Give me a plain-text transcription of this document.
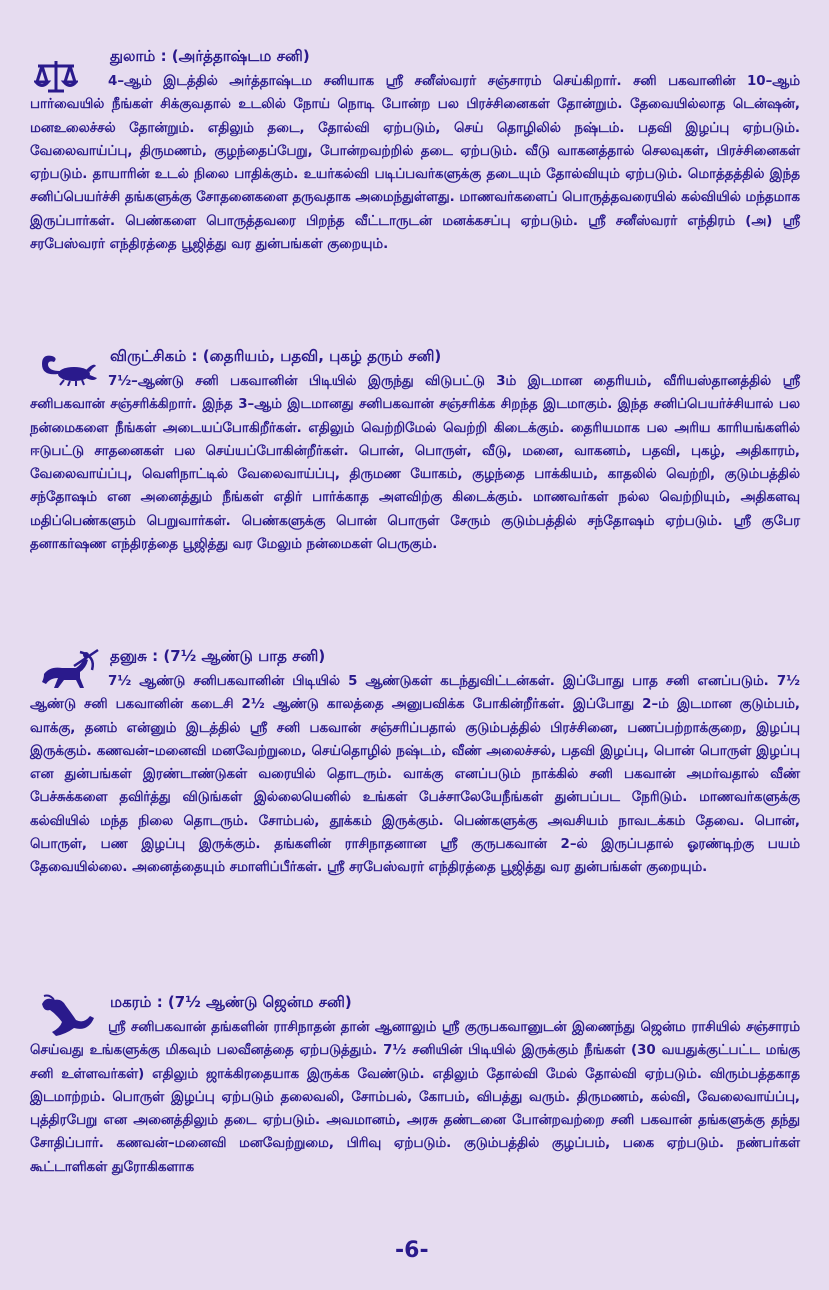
துலாம் : (அர்த்தாஷ்டம சனி)
4–ஆம் இடத்தில் அர்த்தாஷ்டம சனியாக ஸ்ரீ சனீஸ்வரர் சஞ்சாரம் செய்கிறார். சனி பகவானின் 10–ஆம் பார்வையில் நீங்கள் சிக்குவதால் உடலில் நோய் நொடி போன்ற பல பிரச்சினைகள் தோன்றும். தேவையில்லாத டென்ஷன், மனஉலைச்சல் தோன்றும். எதிலும் தடை, தோல்வி ஏற்படும், செய் தொழிலில் நஷ்டம். பதவி இழப்பு ஏற்படும். வேலைவாய்ப்பு, திருமணம், குழந்தைப்பேறு, போன்றவற்றில் தடை ஏற்படும். வீடு வாகனத்தால் செலவுகள், பிரச்சினைகள் ஏற்படும். தாயாரின் உடல் நிலை பாதிக்கும். உயர்கல்வி படிப்பவர்களுக்கு தடையும் தோல்வியும் ஏற்படும். மொத்தத்தில் இந்த சனிப்பெயர்ச்சி தங்களுக்கு சோதனைகளை தருவதாக அமைந்துள்ளது. மாணவர்களைப் பொருத்தவரையில் கல்வியில் மந்தமாக இருப்பார்கள். பெண்களை பொருத்தவரை பிறந்த வீட்டாருடன் மனக்கசப்பு ஏற்படும். ஸ்ரீ சனீஸ்வரர் எந்திரம் (அ) ஸ்ரீ சரபேஸ்வரர் எந்திரத்தை பூஜித்து வர துன்பங்கள் குறையும்.
விருட்சிகம் : (தைரியம், பதவி, புகழ் தரும் சனி)
7½–ஆண்டு சனி பகவானின் பிடியில் இருந்து விடுபட்டு 3ம் இடமான தைரியம், வீரியஸ்தானத்தில் ஸ்ரீ சனிபகவான் சஞ்சரிக்கிறார். இந்த 3–ஆம் இடமானது சனிபகவான் சஞ்சரிக்க சிறந்த இடமாகும். இந்த சனிப்பெயர்ச்சியால் பல நன்மைகளை நீங்கள் அடையப்போகிறீர்கள். எதிலும் வெற்றிமேல் வெற்றி கிடைக்கும். தைரியமாக பல அரிய காரியங்களில் ஈடுபட்டு சாதனைகள் பல செய்யப்போகின்றீர்கள். பொன், பொருள், வீடு, மனை, வாகனம், பதவி, புகழ், அதிகாரம், வேலைவாய்ப்பு, வெளிநாட்டில் வேலைவாய்ப்பு, திருமண யோகம், குழந்தை பாக்கியம், காதலில் வெற்றி, குடும்பத்தில் சந்தோஷம் என அனைத்தும் நீங்கள் எதிர் பார்க்காத அளவிற்கு கிடைக்கும். மாணவர்கள் நல்ல வெற்றியும், அதிகளவு மதிப்பெண்களும் பெறுவார்கள். பெண்களுக்கு பொன் பொருள் சேரும் குடும்பத்தில் சந்தோஷம் ஏற்படும். ஸ்ரீ குபேர தனாகர்ஷண எந்திரத்தை பூஜித்து வர மேலும் நன்மைகள் பெருகும்.
தனுசு : (7½ ஆண்டு பாத சனி)
7½ ஆண்டு சனிபகவானின் பிடியில் 5 ஆண்டுகள் கடந்துவிட்டன்கள். இப்போது பாத சனி எனப்படும். 7½ ஆண்டு சனி பகவானின் கடைசி 2½ ஆண்டு காலத்தை அனுபவிக்க போகின்றீர்கள். இப்போது 2–ம் இடமான குடும்பம், வாக்கு, தனம் என்னும் இடத்தில் ஸ்ரீ சனி பகவான் சஞ்சரிப்பதால் குடும்பத்தில் பிரச்சினை, பணப்பற்றாக்குறை, இழப்பு இருக்கும். கணவன்–மனைவி மனவேற்றுமை, செய்தொழில் நஷ்டம், வீண் அலைச்சல், பதவி இழப்பு, பொன் பொருள் இழப்பு என துன்பங்கள் இரண்டாண்டுகள் வரையில் தொடரும். வாக்கு எனப்படும் நாக்கில் சனி பகவான் அமர்வதால் வீண் பேச்சுக்களை தவிர்த்து விடுங்கள் இல்லையெனில் உங்கள் பேச்சாலேயேநீங்கள் துன்பப்பட நேரிடும். மாணவர்களுக்கு கல்வியில் மந்த நிலை தொடரும். சோம்பல், தூக்கம் இருக்கும். பெண்களுக்கு அவசியம் நாவடக்கம் தேவை. பொன், பொருள், பண இழப்பு இருக்கும். தங்களின் ராசிநாதனான ஸ்ரீ குருபகவான் 2–ல் இருப்பதால் ஓரண்டிற்கு பயம் தேவையில்லை. அனைத்தையும் சமாளிப்பீர்கள். ஸ்ரீ சரபேஸ்வரர் எந்திரத்தை பூஜித்து வர துன்பங்கள் குறையும்.
மகரம் : (7½ ஆண்டு ஜென்ம சனி)
ஸ்ரீ சனிபகவான் தங்களின் ராசிநாதன் தான் ஆனாலும் ஸ்ரீ குருபகவானுடன் இணைந்து ஜென்ம ராசியில் சஞ்சாரம் செய்வது உங்களுக்கு மிகவும் பலவீனத்தை ஏற்படுத்தும். 7½ சனியின் பிடியில் இருக்கும் நீங்கள் (30 வயதுக்குட்பட்ட மங்கு சனி உள்ளவர்கள்) எதிலும் ஜாக்கிரதையாக இருக்க வேண்டும். எதிலும் தோல்வி மேல் தோல்வி ஏற்படும். விரும்பத்தகாத இடமாற்றம். பொருள் இழப்பு ஏற்படும் தலைவலி, சோம்பல், கோபம், விபத்து வரும். திருமணம், கல்வி, வேலைவாய்ப்பு, புத்திரபேறு என அனைத்திலும் தடை ஏற்படும். அவமானம், அரசு தண்டனை போன்றவற்றை சனி பகவான் தங்களுக்கு தந்து சோதிப்பார். கணவன்–மனைவி மனவேற்றுமை, பிரிவு ஏற்படும். குடும்பத்தில் குழப்பம், பகை ஏற்படும். நண்பர்கள் கூட்டாளிகள் துரோகிகளாக
-6-
